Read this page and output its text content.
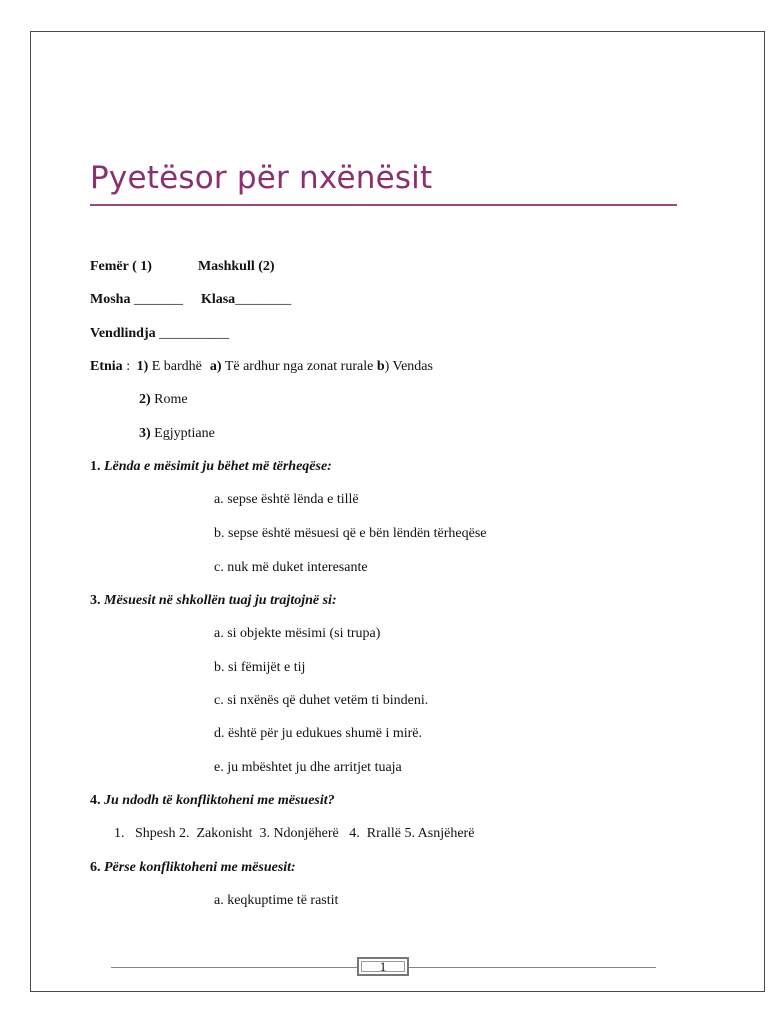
Pyetësor për nxënësit
Femër ( 1)	Mashkull (2)
Mosha _______ Klasa________
Vendlindja __________
Etnia : 1) E bardhë a) Të ardhur nga zonat rurale b) Vendas
2) Rome
3) Egjyptiane
1. Lënda e mësimit ju bëhet më tërheqëse:
a. sepse është lënda e tillë
b. sepse është mësuesi që e bën lëndën tërheqëse
c. nuk më duket interesante
3. Mësuesit në shkollën tuaj ju trajtojnë si:
a. si objekte mësimi (si trupa)
b. si fëmijët e tij
c. si nxënës që duhet vetëm ti bindeni.
d. është për ju edukues shumë i mirë.
e. ju mbështet ju dhe arritjet tuaja
4. Ju ndodh të konfliktoheni me mësuesit?
1.   Shpesh 2.  Zakonisht  3. Ndonjëherë   4.  Rrallë 5. Asnjëherë
6. Përse konfliktoheni me mësuesit:
a. keqkuptime të rastit
1
